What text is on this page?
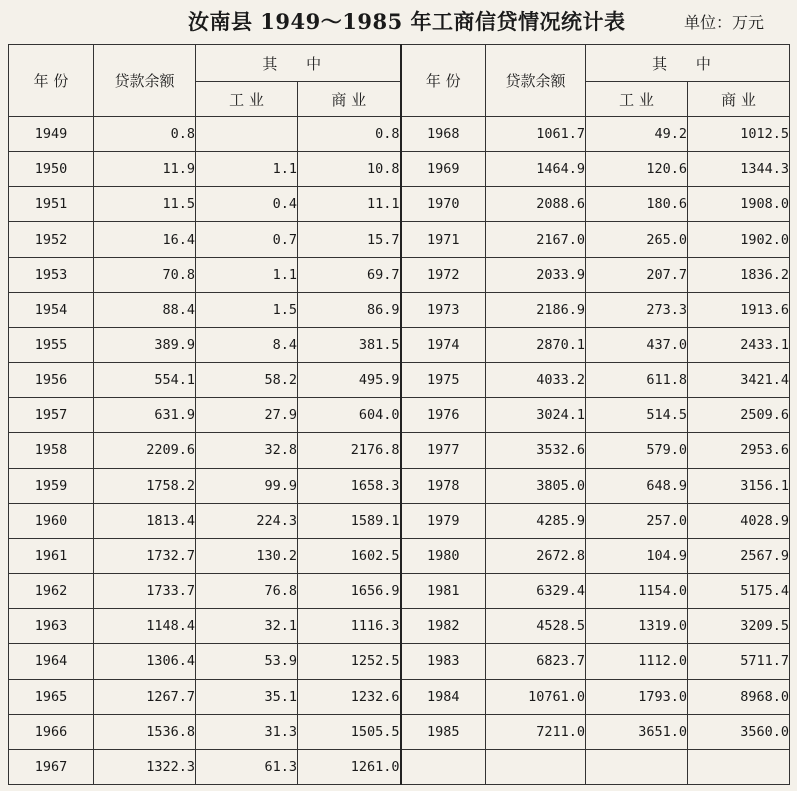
汝南县 1949～1985 年工商信贷情况统计表	单位：万元
年 份	贷款余额	其 中		年 份	贷款余额	其 中	
		工 业	商 业			工 业	商 业
1949	0.8		0.8	1968	1061.7	49.2	1012.5
1950	11.9	1.1	10.8	1969	1464.9	120.6	1344.3
1951	11.5	0.4	11.1	1970	2088.6	180.6	1908.0
1952	16.4	0.7	15.7	1971	2167.0	265.0	1902.0
1953	70.8	1.1	69.7	1972	2033.9	207.7	1836.2
1954	88.4	1.5	86.9	1973	2186.9	273.3	1913.6
1955	389.9	8.4	381.5	1974	2870.1	437.0	2433.1
1956	554.1	58.2	495.9	1975	4033.2	611.8	3421.4
1957	631.9	27.9	604.0	1976	3024.1	514.5	2509.6
1958	2209.6	32.8	2176.8	1977	3532.6	579.0	2953.6
1959	1758.2	99.9	1658.3	1978	3805.0	648.9	3156.1
1960	1813.4	224.3	1589.1	1979	4285.9	257.0	4028.9
1961	1732.7	130.2	1602.5	1980	2672.8	104.9	2567.9
1962	1733.7	76.8	1656.9	1981	6329.4	1154.0	5175.4
1963	1148.4	32.1	1116.3	1982	4528.5	1319.0	3209.5
1964	1306.4	53.9	1252.5	1983	6823.7	1112.0	5711.7
1965	1267.7	35.1	1232.6	1984	10761.0	1793.0	8968.0
1966	1536.8	31.3	1505.5	1985	7211.0	3651.0	3560.0
1967	1322.3	61.3	1261.0				
